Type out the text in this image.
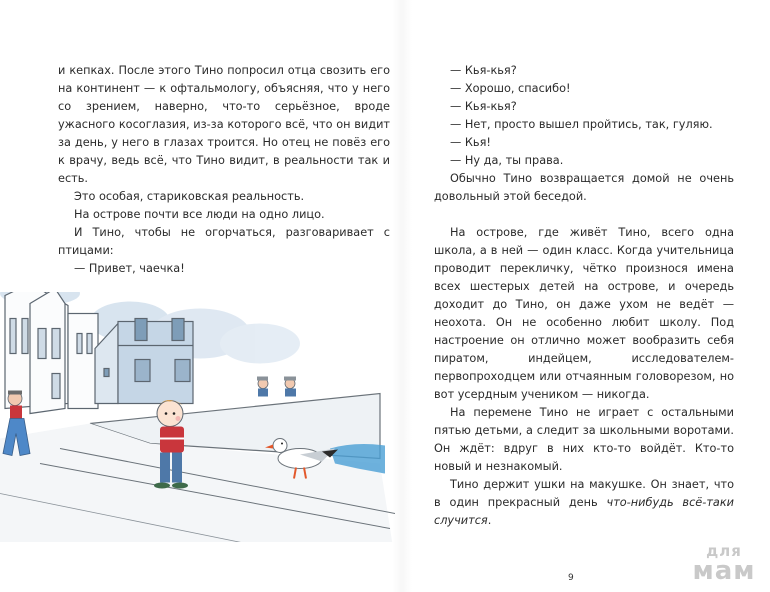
и кепках. После этого Тино попросил отца свозить его на континент — к офтальмологу, объясняя, что у него со зрением, наверно, что-то серьёзное, вроде ужасного косоглазия, из-за которого всё, что он видит за день, у него в глазах троится. Но отец не повёз его к врачу, ведь всё, что Тино видит, в реальности так и есть.

Это особая, стариковская реальность.

На острове почти все люди на одно лицо.

И Тино, чтобы не огорчаться, разговаривает с птицами:

— Привет, чаечка!

— Кья-кья?

— Хорошо, спасибо!

— Кья-кья?

— Нет, просто вышел пройтись, так, гуляю.

— Кья!

— Ну да, ты права.

Обычно Тино возвращается домой не очень довольный этой беседой.

На острове, где живёт Тино, всего одна школа, а в ней — один класс. Когда учительница проводит перекличку, чётко произнося имена всех шестерых детей на острове, и очередь доходит до Тино, он даже ухом не ведёт — неохота. Он не особенно любит школу. Под настроение он отлично может вообразить себя пиратом, индейцем, исследователем-первопроходцем или отчаянным головорезом, но вот усердным учеником — никогда.

На перемене Тино не играет с остальными пятью детьми, а следит за школьными воротами. Он ждёт: вдруг в них кто-то войдёт. Кто-то новый и незнакомый.

Тино держит ушки на макушке. Он знает, что в один прекрасный день что-нибудь всё-таки случится.

9
для
мам
